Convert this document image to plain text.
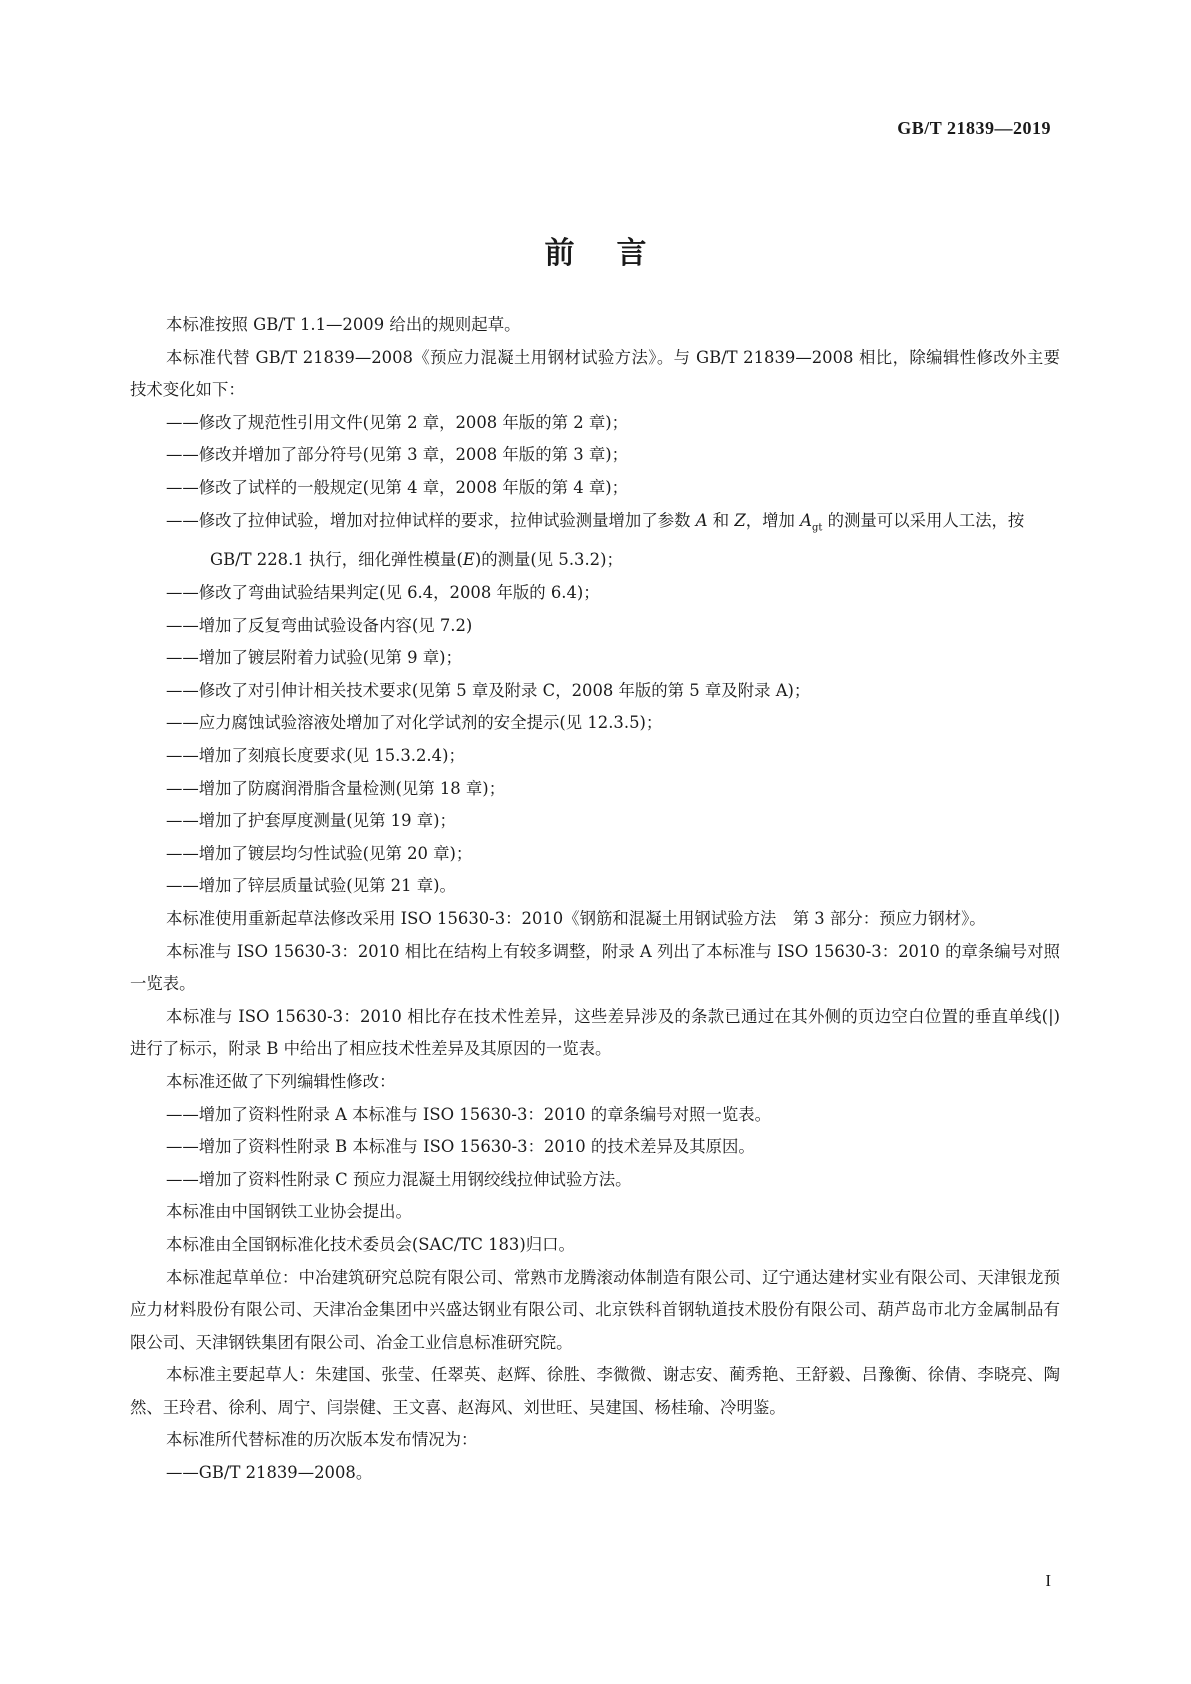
GB/T 21839—2019
前言

本标准按照 GB/T 1.1—2009 给出的规则起草。

本标准代替 GB/T 21839—2008《预应力混凝土用钢材试验方法》。与 GB/T 21839—2008 相比，除编辑性修改外主要技术变化如下：

——修改了规范性引用文件(见第 2 章，2008 年版的第 2 章)；

——修改并增加了部分符号(见第 3 章，2008 年版的第 3 章)；

——修改了试样的一般规定(见第 4 章，2008 年版的第 4 章)；

——修改了拉伸试验，增加对拉伸试样的要求，拉伸试验测量增加了参数 A 和 Z，增加 $A_{gt}$ 的测量可以采用人工法，按 GB/T 228.1 执行，细化弹性模量(E)的测量(见 5.3.2)；

——修改了弯曲试验结果判定(见 6.4，2008 年版的 6.4)；

——增加了反复弯曲试验设备内容(见 7.2)

——增加了镀层附着力试验(见第 9 章)；

——修改了对引伸计相关技术要求(见第 5 章及附录 C，2008 年版的第 5 章及附录 A)；

——应力腐蚀试验溶液处增加了对化学试剂的安全提示(见 12.3.5)；

——增加了刻痕长度要求(见 15.3.2.4)；

——增加了防腐润滑脂含量检测(见第 18 章)；

——增加了护套厚度测量(见第 19 章)；

——增加了镀层均匀性试验(见第 20 章)；

——增加了锌层质量试验(见第 21 章)。

本标准使用重新起草法修改采用 ISO 15630-3：2010《钢筋和混凝土用钢试验方法　第 3 部分：预应力钢材》。

本标准与 ISO 15630-3：2010 相比在结构上有较多调整，附录 A 列出了本标准与 ISO 15630-3：2010 的章条编号对照一览表。

本标准与 ISO 15630-3：2010 相比存在技术性差异，这些差异涉及的条款已通过在其外侧的页边空白位置的垂直单线(|)进行了标示，附录 B 中给出了相应技术性差异及其原因的一览表。

本标准还做了下列编辑性修改：

——增加了资料性附录 A 本标准与 ISO 15630-3：2010 的章条编号对照一览表。

——增加了资料性附录 B 本标准与 ISO 15630-3：2010 的技术差异及其原因。

——增加了资料性附录 C 预应力混凝土用钢绞线拉伸试验方法。

本标准由中国钢铁工业协会提出。

本标准由全国钢标准化技术委员会(SAC/TC 183)归口。

本标准起草单位：中冶建筑研究总院有限公司、常熟市龙腾滚动体制造有限公司、辽宁通达建材实业有限公司、天津银龙预应力材料股份有限公司、天津冶金集团中兴盛达钢业有限公司、北京铁科首钢轨道技术股份有限公司、葫芦岛市北方金属制品有限公司、天津钢铁集团有限公司、冶金工业信息标准研究院。

本标准主要起草人：朱建国、张莹、任翠英、赵辉、徐胜、李微微、谢志安、蔺秀艳、王舒毅、吕豫衡、徐倩、李晓亮、陶然、王玲君、徐利、周宁、闫崇健、王文喜、赵海风、刘世旺、吴建国、杨桂瑜、冷明鉴。

本标准所代替标准的历次版本发布情况为：

——GB/T 21839—2008。

I
